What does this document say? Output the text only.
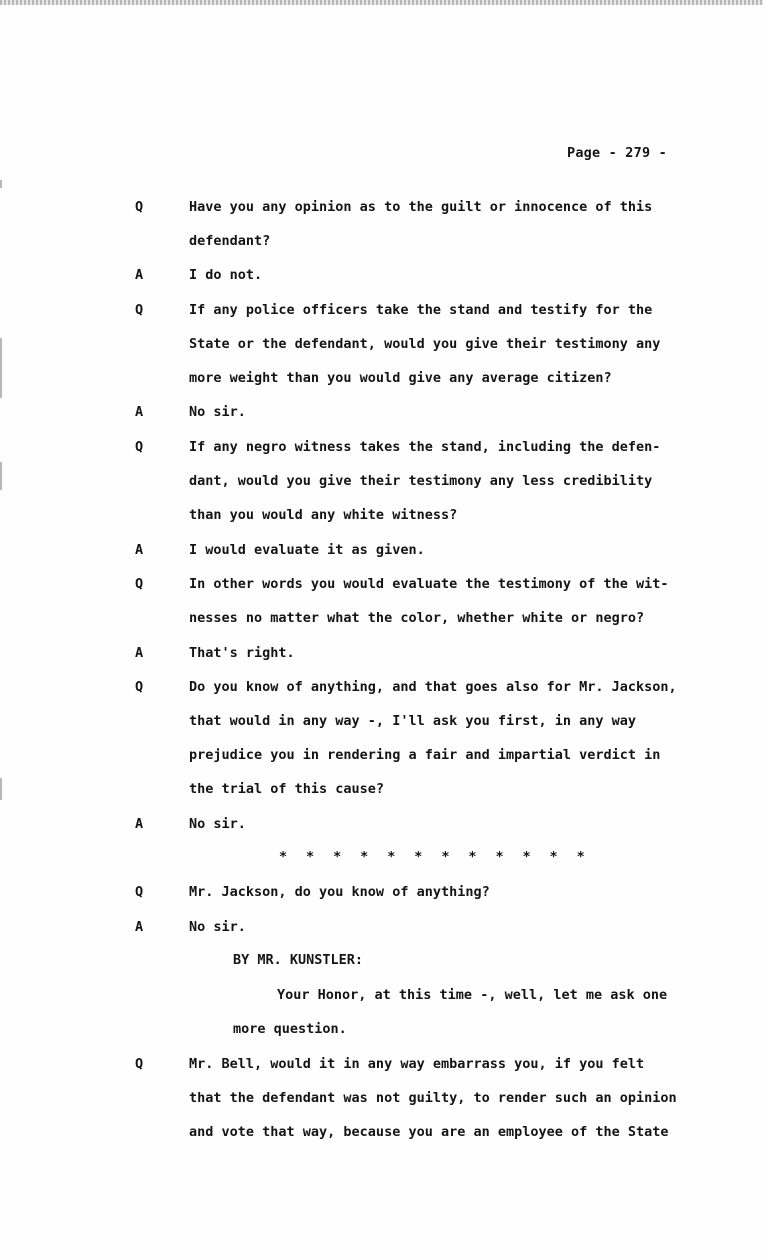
Page - 279 -
Q	Have you any opinion as to the guilt or innocence of this
defendant?
A	I do not.
Q	If any police officers take the stand and testify for the
State or the defendant, would you give their testimony any
more weight than you would give any average citizen?
A	No sir.
Q	If any negro witness takes the stand, including the defen-
dant, would you give their testimony any less credibility
than you would any white witness?
A	I would evaluate it as given.
Q	In other words you would evaluate the testimony of the wit-
nesses no matter what the color, whether white or negro?
A	That's right.
Q	Do you know of anything, and that goes also for Mr. Jackson,
that would in any way -, I'll ask you first, in any way
prejudice you in rendering a fair and impartial verdict in
the trial of this cause?
A	No sir.
* * * * * * * * * * * *
Q	Mr. Jackson, do you know of anything?
A	No sir.
BY MR. KUNSTLER:
Your Honor, at this time -, well, let me ask one
more question.
Q	Mr. Bell, would it in any way embarrass you, if you felt
that the defendant was not guilty, to render such an opinion
and vote that way, because you are an employee of the State
